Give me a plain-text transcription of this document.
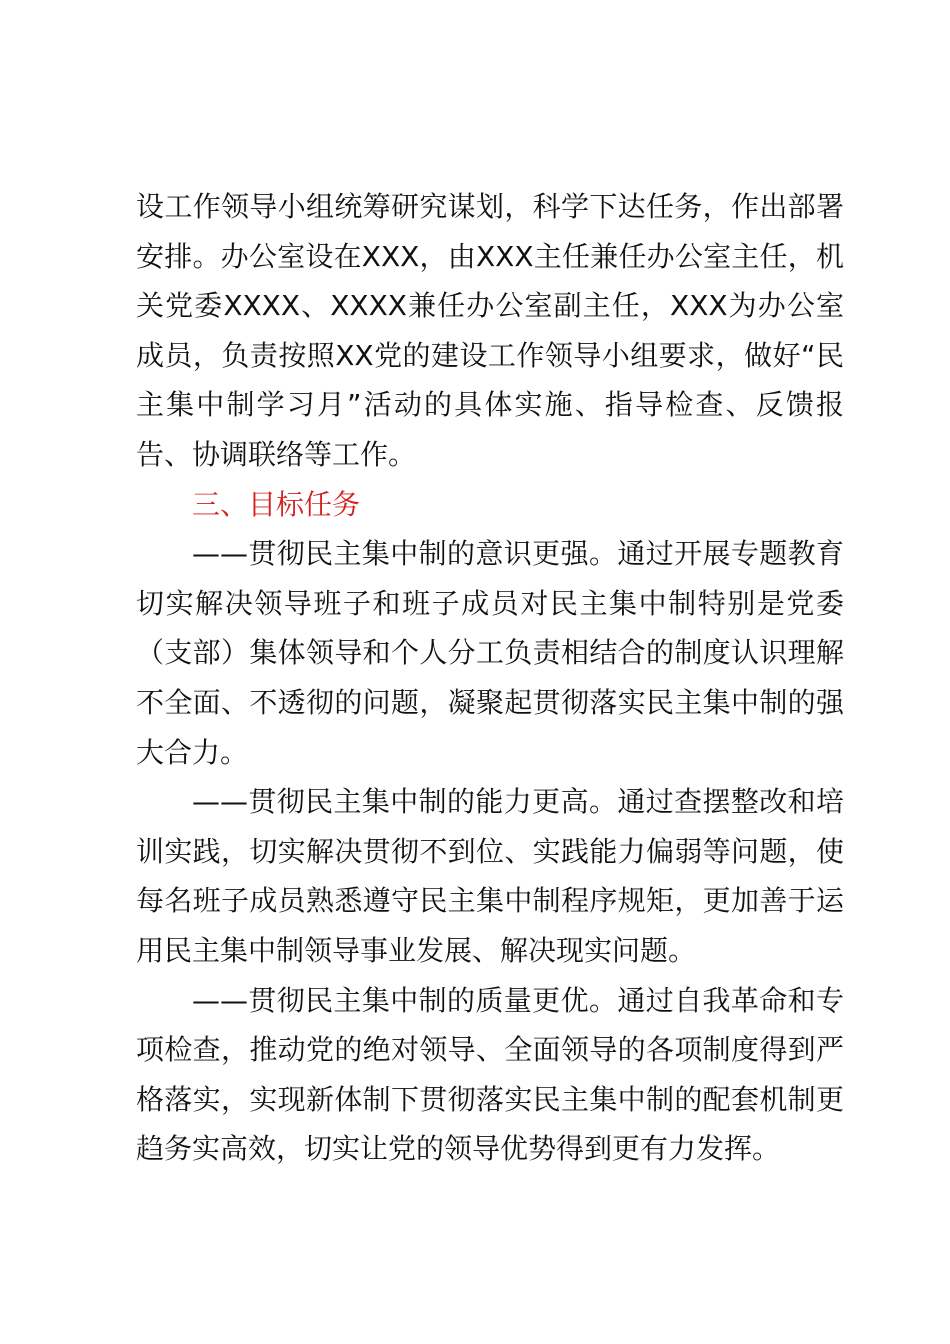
设工作领导小组统筹研究谋划，科学下达任务，作出部署安排。办公室设在XXX，由XXX主任兼任办公室主任，机关党委XXXX、XXXX兼任办公室副主任，XXX为办公室成员，负责按照XX党的建设工作领导小组要求，做好“民主集中制学习月”活动的具体实施、指导检查、反馈报告、协调联络等工作。

三、目标任务

——贯彻民主集中制的意识更强。通过开展专题教育切实解决领导班子和班子成员对民主集中制特别是党委（支部）集体领导和个人分工负责相结合的制度认识理解不全面、不透彻的问题，凝聚起贯彻落实民主集中制的强大合力。

——贯彻民主集中制的能力更高。通过查摆整改和培训实践，切实解决贯彻不到位、实践能力偏弱等问题，使每名班子成员熟悉遵守民主集中制程序规矩，更加善于运用民主集中制领导事业发展、解决现实问题。

——贯彻民主集中制的质量更优。通过自我革命和专项检查，推动党的绝对领导、全面领导的各项制度得到严格落实，实现新体制下贯彻落实民主集中制的配套机制更趋务实高效，切实让党的领导优势得到更有力发挥。
